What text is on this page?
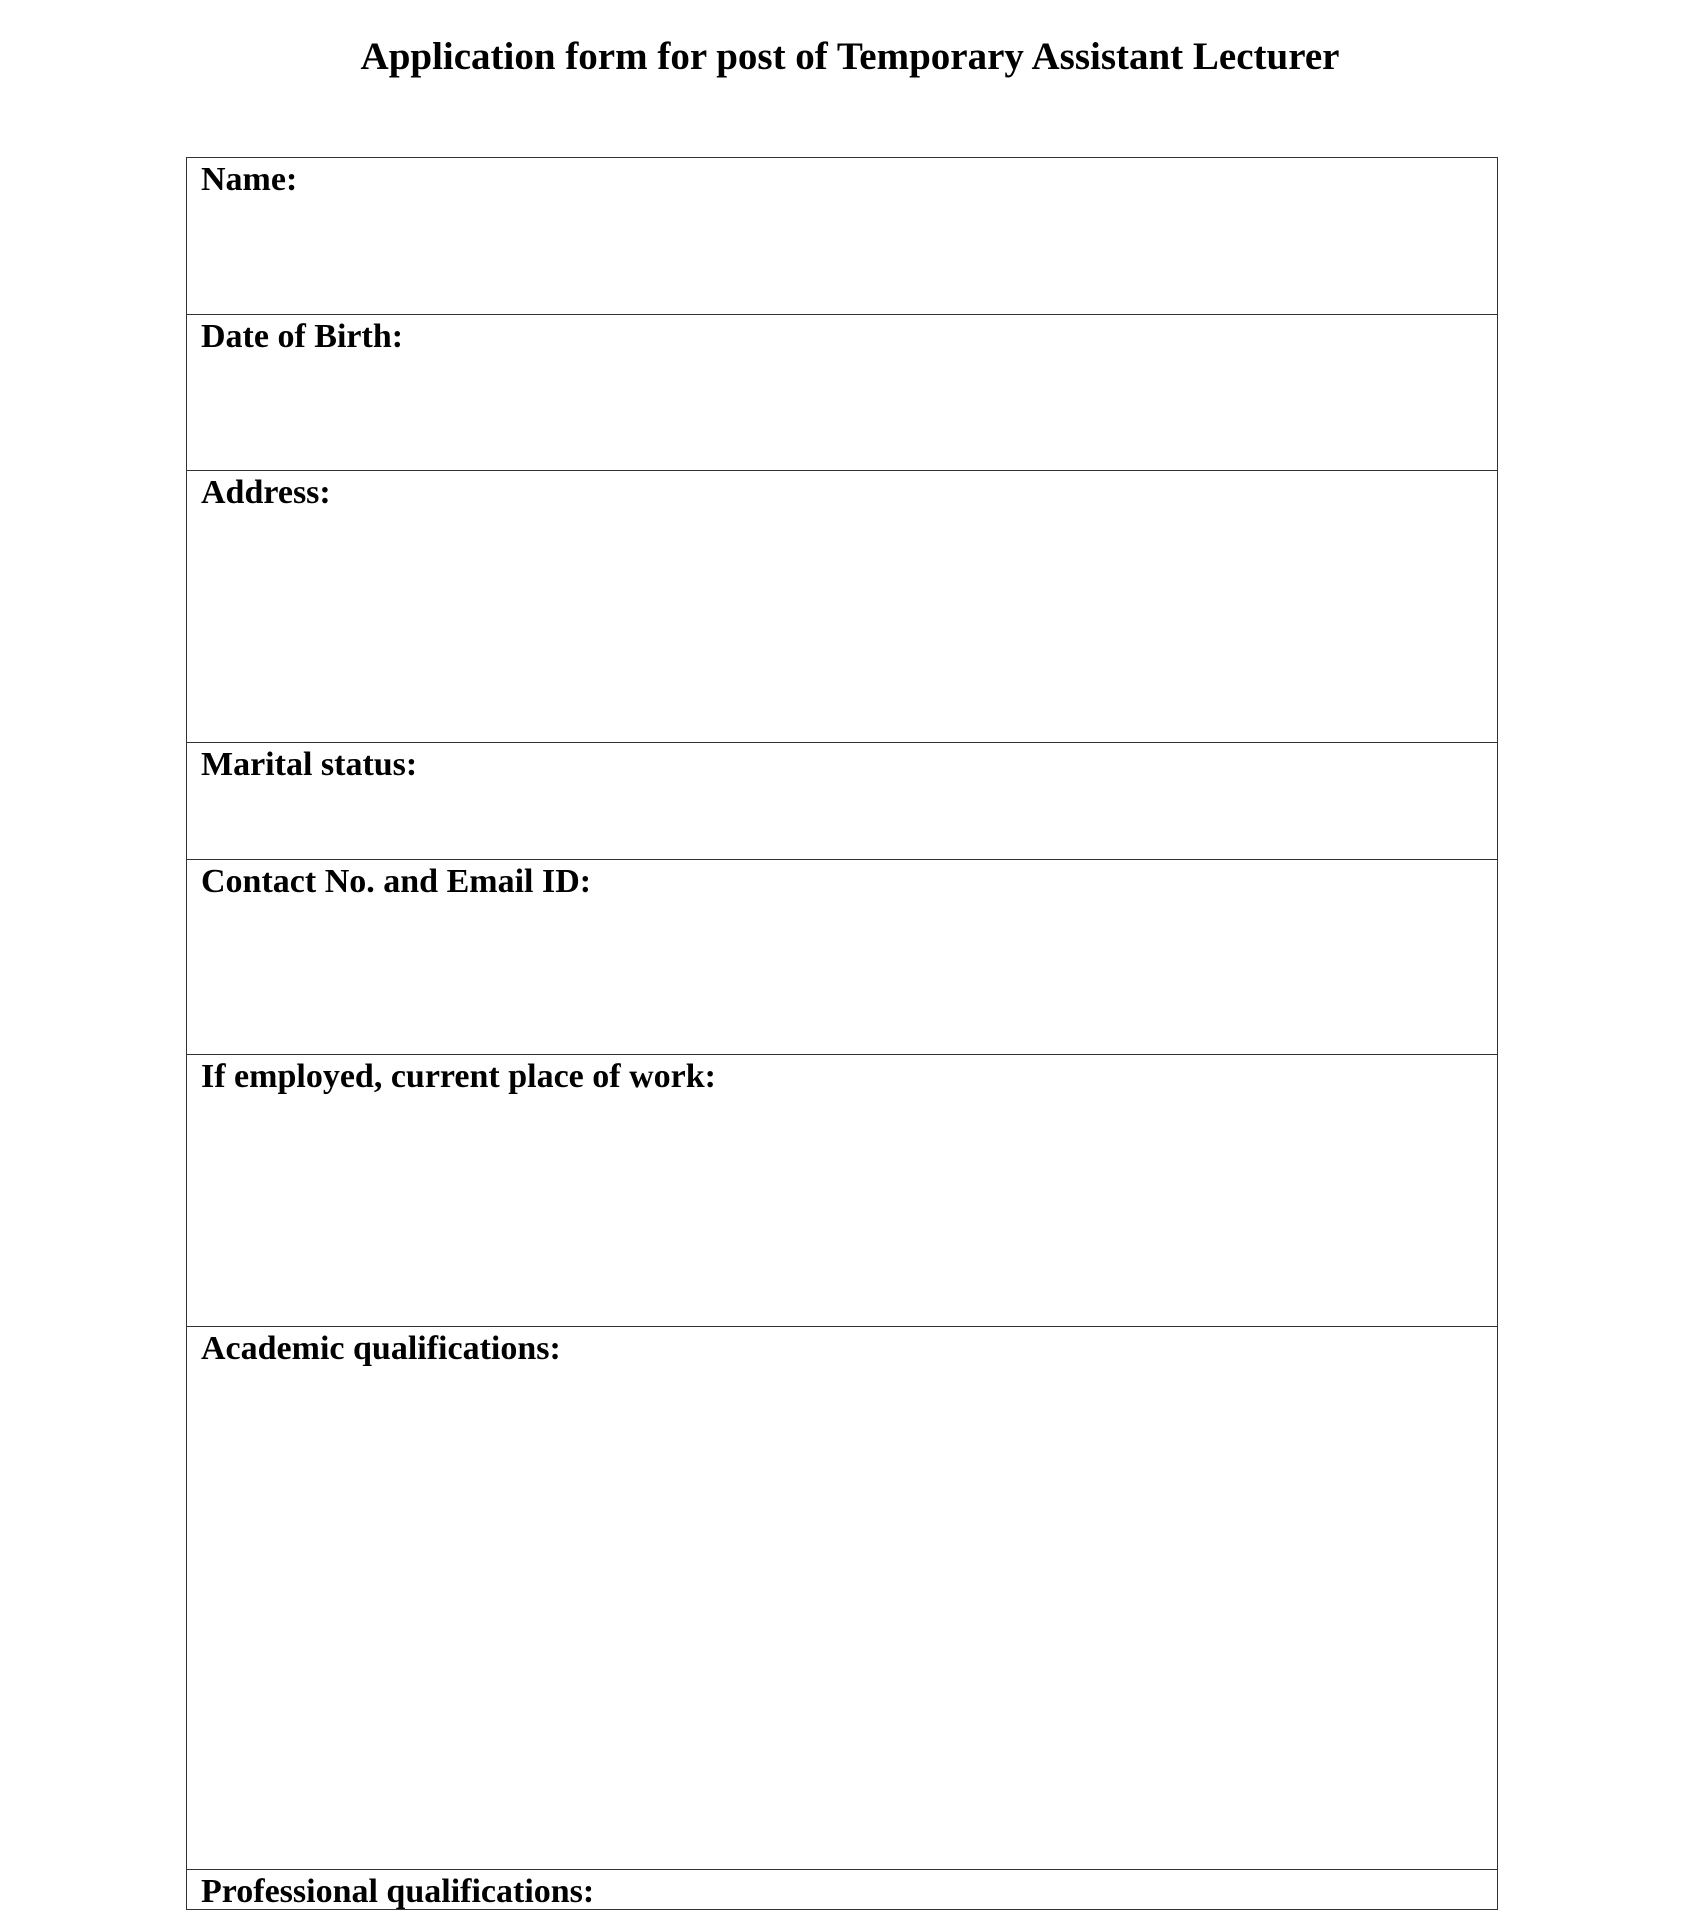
Application form for post of Temporary Assistant Lecturer
Name:
Date of Birth:
Address:
Marital status:
Contact No. and Email ID:
If employed, current place of work:
Academic qualifications:
Professional qualifications:
